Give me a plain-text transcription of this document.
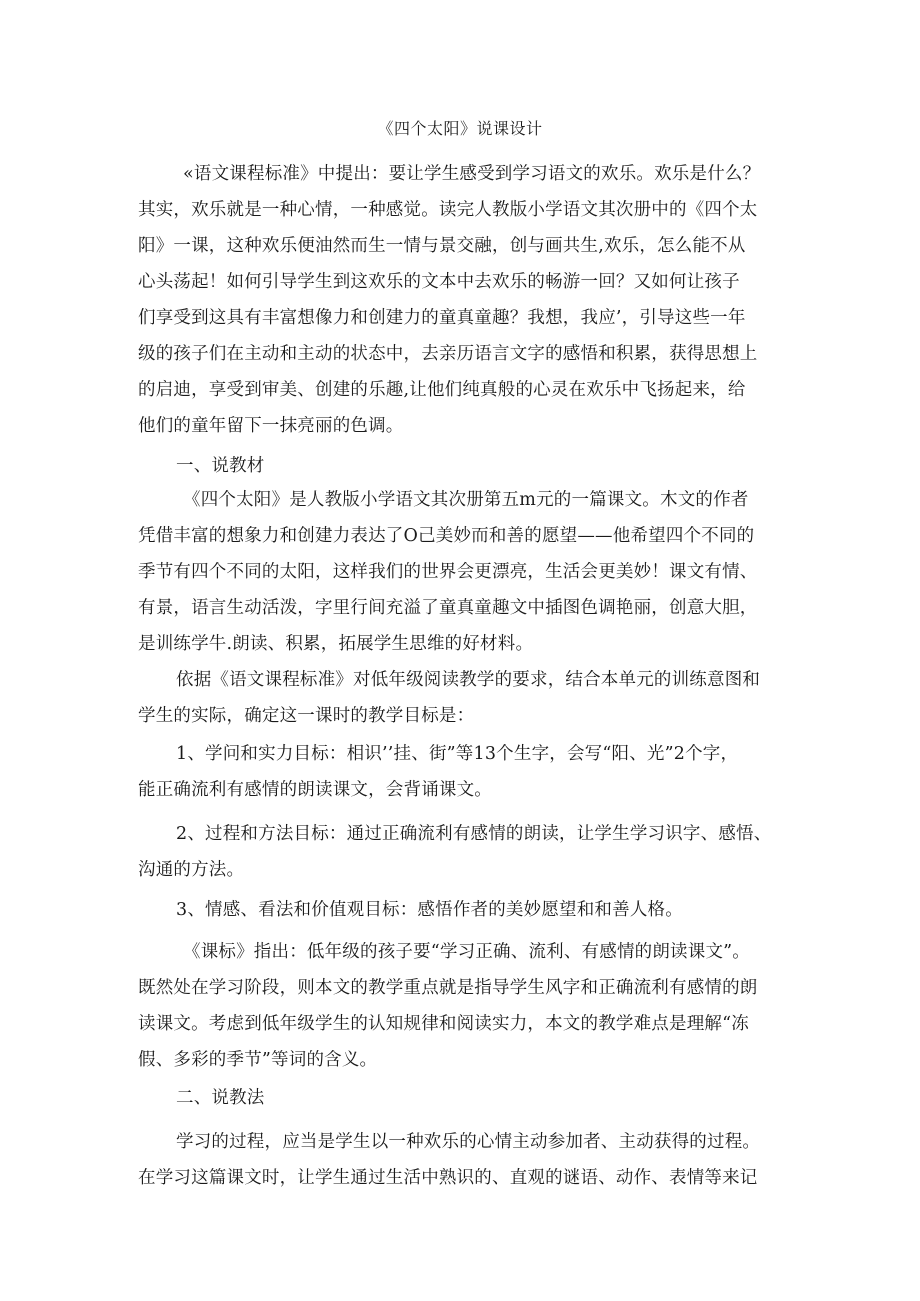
《四个太阳》说课设计
«语文课程标准》中提出：要让学生感受到学习语文的欢乐。欢乐是什么？
其实，欢乐就是一种心情，一种感觉。读完人教版小学语文其次册中的《四个太
阳》一课，这种欢乐便油然而生一情与景交融，创与画共生,欢乐，怎么能不从
心头荡起！如何引导学生到这欢乐的文本中去欢乐的畅游一回？又如何让孩子
们享受到这具有丰富想像力和创建力的童真童趣？我想，我应’，引导这些一年
级的孩子们在主动和主动的状态中，去亲历语言文字的感悟和积累，获得思想上
的启迪，享受到审美、创建的乐趣,让他们纯真般的心灵在欢乐中飞扬起来，给
他们的童年留下一抹亮丽的色调。
一、说教材
《四个太阳》是人教版小学语文其次册第五m元的一篇课文。木文的作者
凭借丰富的想象力和创建力表达了O己美妙而和善的愿望——他希望四个不同的
季节有四个不同的太阳，这样我们的世界会更漂亮，生活会更美妙！课文有情、
有景，语言生动活泼，字里行间充溢了童真童趣文中插图色调艳丽，创意大胆，
是训练学牛.朗读、积累，拓展学生思维的好材料。
依据《语文课程标准》对低年级阅读教学的要求，结合本单元的训练意图和
学生的实际，确定这一课时的教学目标是：
1、学问和实力目标：相识’’挂、街”等13个生字，会写“阳、光”2个字，
能正确流利有感情的朗读课文，会背诵课文。
2、过程和方法目标：通过正确流利有感情的朗读，让学生学习识字、感悟、
沟通的方法。
3、情感、看法和价值观目标：感悟作者的美妙愿望和和善人格。
《课标》指出：低年级的孩子要“学习正确、流利、有感情的朗读课文”。
既然处在学习阶段，则本文的教学重点就是指导学生风字和正确流利有感情的朗
读课文。考虑到低年级学生的认知规律和阅读实力，本文的教学难点是理解“冻
假、多彩的季节”等词的含义。
二、说教法
学习的过程，应当是学生以一种欢乐的心情主动参加者、主动获得的过程。
在学习这篇课文时，让学生通过生活中熟识的、直观的谜语、动作、表情等来记
